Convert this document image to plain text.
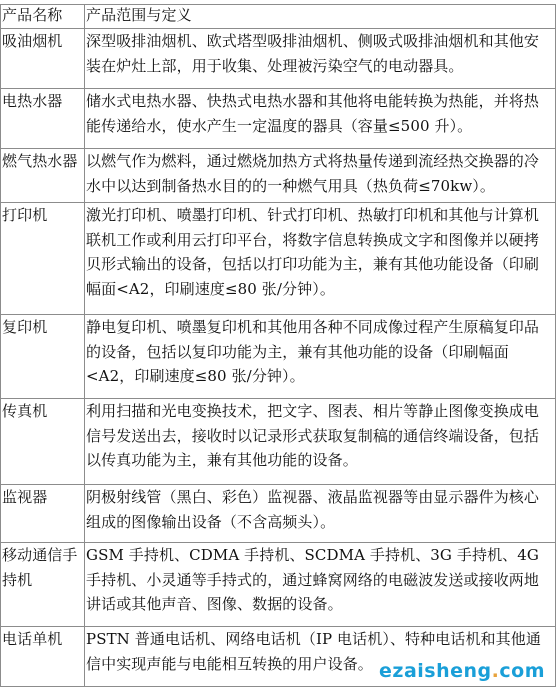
产品名称	产品范围与定义
吸油烟机	深型吸排油烟机、欧式塔型吸排油烟机、侧吸式吸排油烟机和其他安装在炉灶上部，用于收集、处理被污染空气的电动器具。
电热水器	储水式电热水器、快热式电热水器和其他将电能转换为热能，并将热能传递给水，使水产生一定温度的器具（容量≤500 升）。
燃气热水器	以燃气作为燃料，通过燃烧加热方式将热量传递到流经热交换器的冷水中以达到制备热水目的的一种燃气用具（热负荷≤70kw）。
打印机	激光打印机、喷墨打印机、针式打印机、热敏打印机和其他与计算机联机工作或利用云打印平台，将数字信息转换成文字和图像并以硬拷贝形式输出的设备，包括以打印功能为主，兼有其他功能设备（印刷幅面<A2，印刷速度≤80 张/分钟）。
复印机	静电复印机、喷墨复印机和其他用各种不同成像过程产生原稿复印品的设备，包括以复印功能为主，兼有其他功能的设备（印刷幅面<A2，印刷速度≤80 张/分钟）。
传真机	利用扫描和光电变换技术，把文字、图表、相片等静止图像变换成电信号发送出去，接收时以记录形式获取复制稿的通信终端设备，包括以传真功能为主，兼有其他功能的设备。
监视器	阴极射线管（黑白、彩色）监视器、液晶监视器等由显示器件为核心组成的图像输出设备（不含高频头）。
移动通信手持机	GSM 手持机、CDMA 手持机、SCDMA 手持机、3G 手持机、4G 手持机、小灵通等手持式的，通过蜂窝网络的电磁波发送或接收两地讲话或其他声音、图像、数据的设备。
电话单机	PSTN 普通电话机、网络电话机（IP 电话机）、特种电话机和其他通信中实现声能与电能相互转换的用户设备。 ezaisheng.com
